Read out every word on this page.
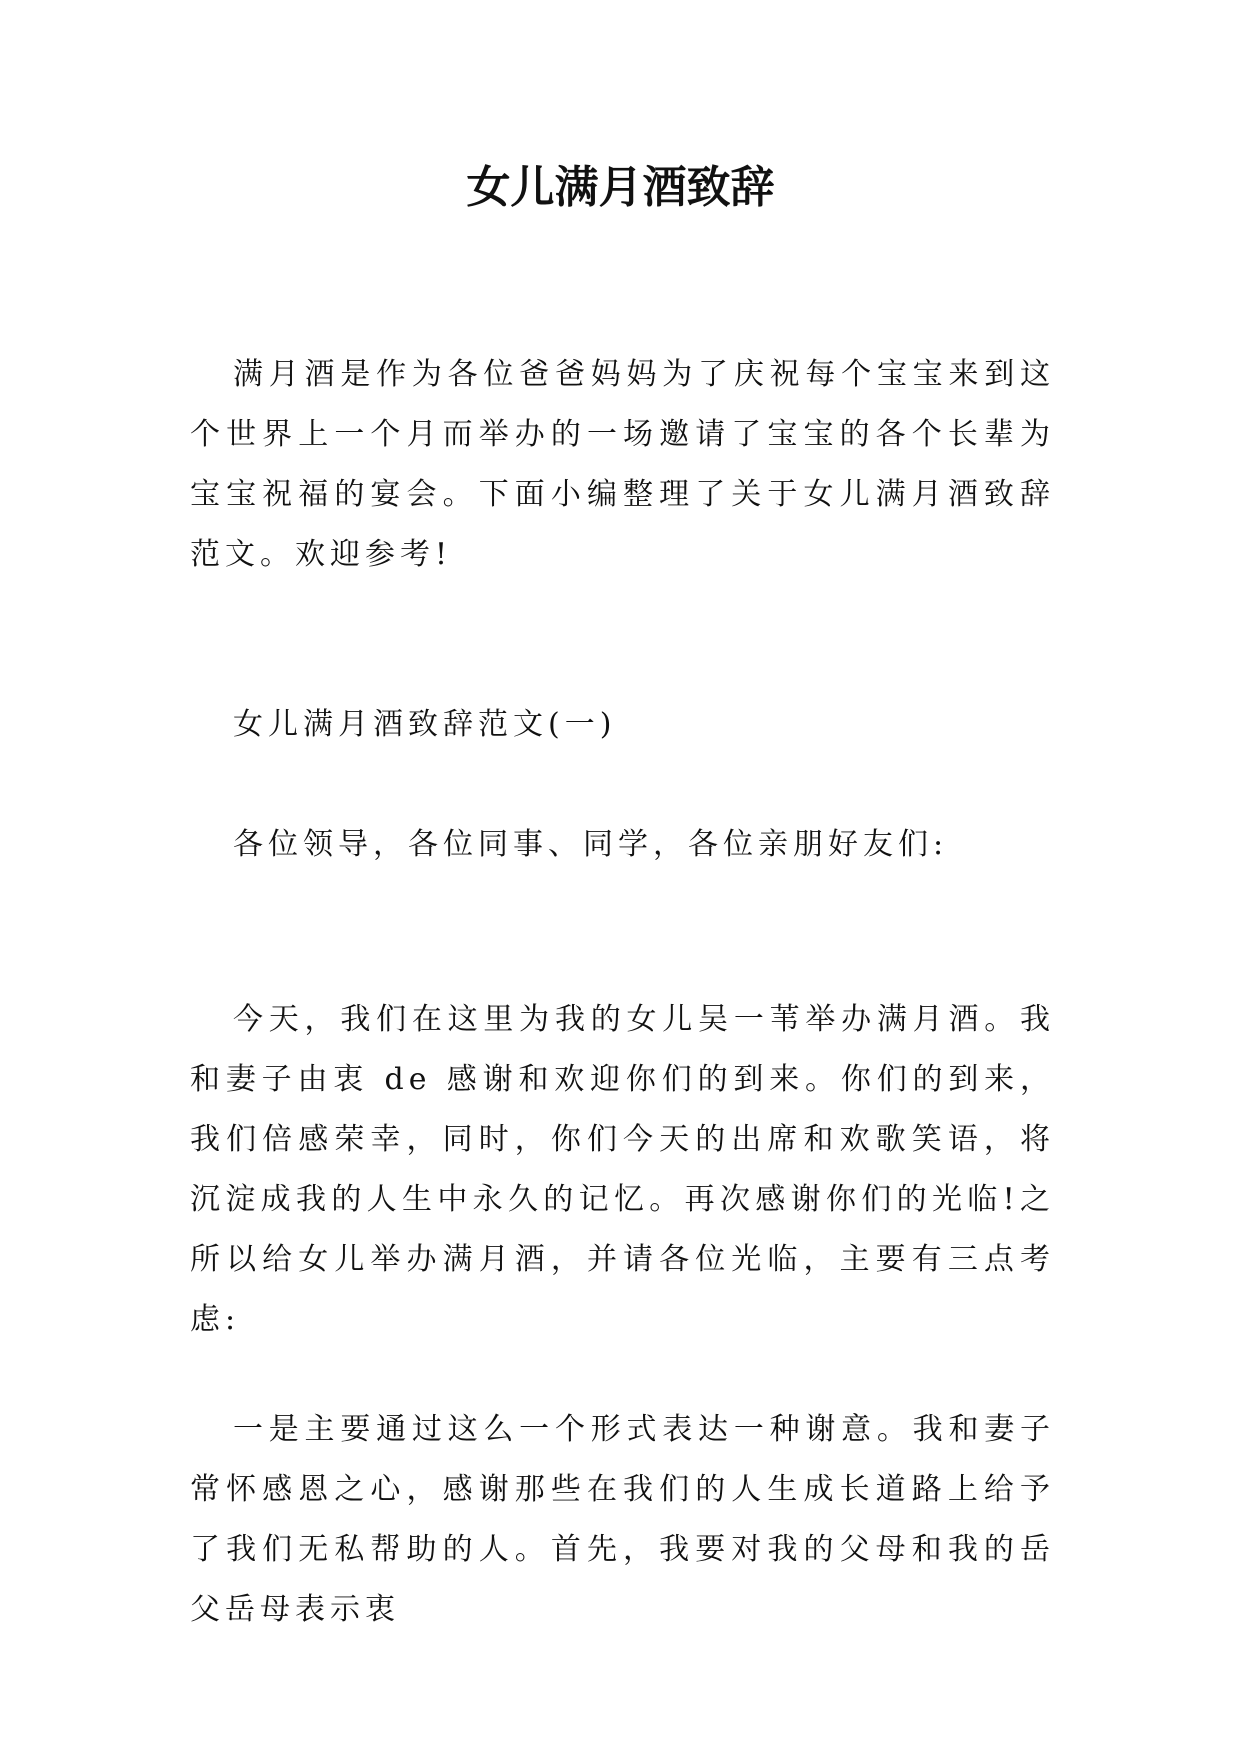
女儿满月酒致辞

满月酒是作为各位爸爸妈妈为了庆祝每个宝宝来到这个世界上一个月而举办的一场邀请了宝宝的各个长辈为宝宝祝福的宴会。下面小编整理了关于女儿满月酒致辞范文。欢迎参考!

女儿满月酒致辞范文(一)

各位领导，各位同事、同学，各位亲朋好友们:

今天，我们在这里为我的女儿吴一苇举办满月酒。我和妻子由衷 de 感谢和欢迎你们的到来。你们的到来，我们倍感荣幸，同时，你们今天的出席和欢歌笑语，将沉淀成我的人生中永久的记忆。再次感谢你们的光临!之所以给女儿举办满月酒，并请各位光临，主要有三点考虑:

一是主要通过这么一个形式表达一种谢意。我和妻子常怀感恩之心，感谢那些在我们的人生成长道路上给予了我们无私帮助的人。首先，我要对我的父母和我的岳父岳母表示衷
